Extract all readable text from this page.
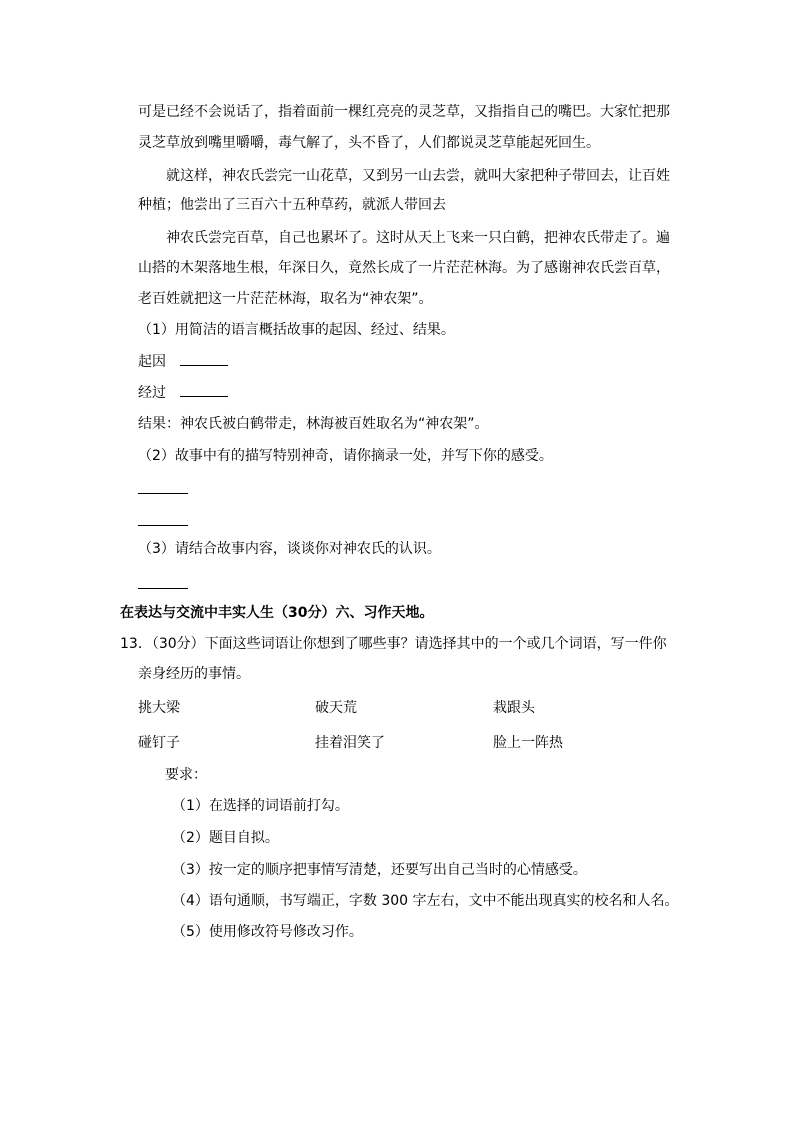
可是已经不会说话了，指着面前一棵红亮亮的灵芝草，又指指自己的嘴巴。大家忙把那
灵芝草放到嘴里嚼嚼，毒气解了，头不昏了，人们都说灵芝草能起死回生。
就这样，神农氏尝完一山花草，又到另一山去尝，就叫大家把种子带回去，让百姓
种植；他尝出了三百六十五种草药，就派人带回去
神农氏尝完百草，自己也累坏了。这时从天上飞来一只白鹤，把神农氏带走了。遍
山搭的木架落地生根，年深日久，竟然长成了一片茫茫林海。为了感谢神农氏尝百草，
老百姓就把这一片茫茫林海，取名为“神农架”。
（1）用简洁的语言概括故事的起因、经过、结果。
起因
经过
结果：神农氏被白鹤带走，林海被百姓取名为“神农架”。
（2）故事中有的描写特别神奇，请你摘录一处，并写下你的感受。
（3）请结合故事内容，谈谈你对神农氏的认识。
在表达与交流中丰实人生（30分）六、习作天地。
13．（30分）下面这些词语让你想到了哪些事？请选择其中的一个或几个词语，写一件你
亲身经历的事情。
挑大梁	破天荒	栽跟头
碰钉子	挂着泪笑了	脸上一阵热
要求：
（1）在选择的词语前打勾。
（2）题目自拟。
（3）按一定的顺序把事情写清楚，还要写出自己当时的心情感受。
（4）语句通顺，书写端正，字数 300 字左右，文中不能出现真实的校名和人名。
（5）使用修改符号修改习作。
